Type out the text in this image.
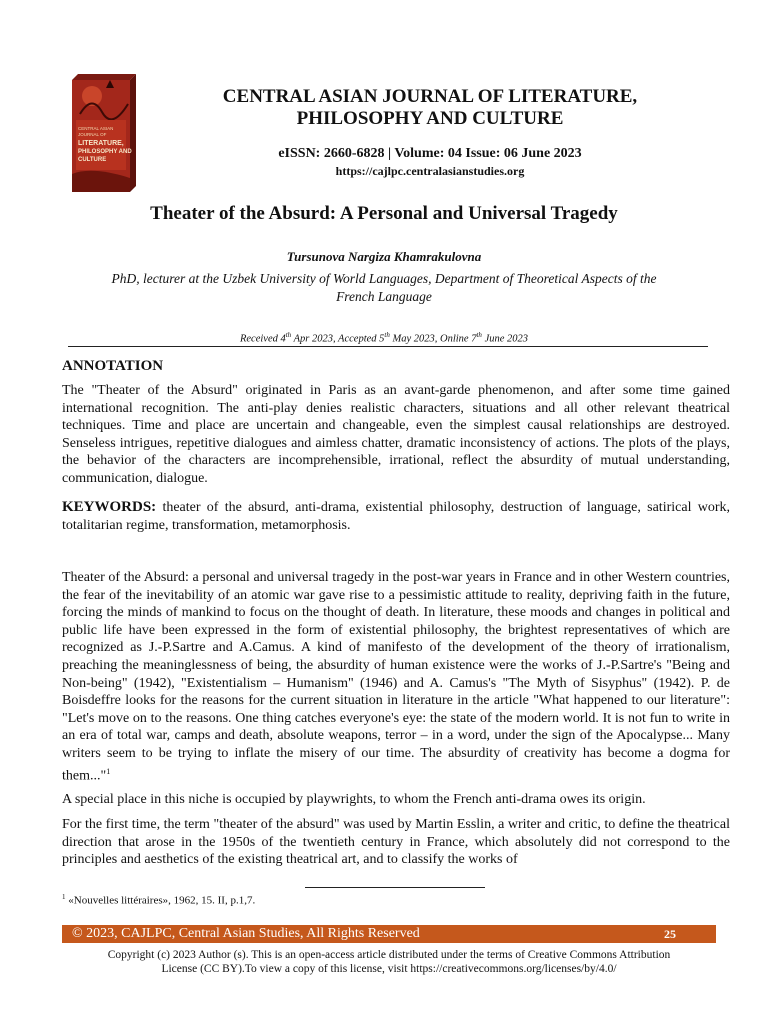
CENTRAL ASIAN
JOURNAL OF
LITERATURE,
PHILOSOPHY AND
CULTURE
CENTRAL ASIAN JOURNAL OF LITERATURE,
PHILOSOPHY AND CULTURE
eISSN: 2660-6828 | Volume: 04 Issue: 06 June 2023
https://cajlpc.centralasianstudies.org
Theater of the Absurd: A Personal and Universal Tragedy
Tursunova Nargiza Khamrakulovna
PhD, lecturer at the Uzbek University of World Languages, Department of Theoretical Aspects of the
French Language
Received 4th Apr 2023, Accepted 5th May 2023, Online 7th June 2023
ANNOTATION
The "Theater of the Absurd" originated in Paris as an avant-garde phenomenon, and after some time gained international recognition. The anti-play denies realistic characters, situations and all other relevant theatrical techniques. Time and place are uncertain and changeable, even the simplest causal relationships are destroyed. Senseless intrigues, repetitive dialogues and aimless chatter, dramatic inconsistency of actions. The plots of the plays, the behavior of the characters are incomprehensible, irrational, reflect the absurdity of mutual understanding, communication, dialogue.
KEYWORDS: theater of the absurd, anti-drama, existential philosophy, destruction of language, satirical work, totalitarian regime, transformation, metamorphosis.
Theater of the Absurd: a personal and universal tragedy in the post-war years in France and in other Western countries, the fear of the inevitability of an atomic war gave rise to a pessimistic attitude to reality, depriving faith in the future, forcing the minds of mankind to focus on the thought of death. In literature, these moods and changes in political and public life have been expressed in the form of existential philosophy, the brightest representatives of which are recognized as J.-P.Sartre and A.Camus. A kind of manifesto of the development of the theory of irrationalism, preaching the meaninglessness of being, the absurdity of human existence were the works of J.-P.Sartre's "Being and Non-being" (1942), "Existentialism – Humanism" (1946) and A. Camus's "The Myth of Sisyphus" (1942). P. de Boisdeffre looks for the reasons for the current situation in literature in the article "What happened to our literature": "Let's move on to the reasons. One thing catches everyone's eye: the state of the modern world. It is not fun to write in an era of total war, camps and death, absolute weapons, terror – in a word, under the sign of the Apocalypse... Many writers seem to be trying to inflate the misery of our time. The absurdity of creativity has become a dogma for them..."$^1$
A special place in this niche is occupied by playwrights, to whom the French anti-drama owes its origin.
For the first time, the term "theater of the absurd" was used by Martin Esslin, a writer and critic, to define the theatrical direction that arose in the 1950s of the twentieth century in France, which absolutely did not correspond to the principles and aesthetics of the existing theatrical art, and to classify the works of
$^1$ «Nouvelles littéraires», 1962, 15. II, p.1,7.
© 2023, CAJLPC, Central Asian Studies, All Rights Reserved	25
Copyright (c) 2023 Author (s). This is an open-access article distributed under the terms of Creative Commons Attribution
License (CC BY).To view a copy of this license, visit https://creativecommons.org/licenses/by/4.0/
